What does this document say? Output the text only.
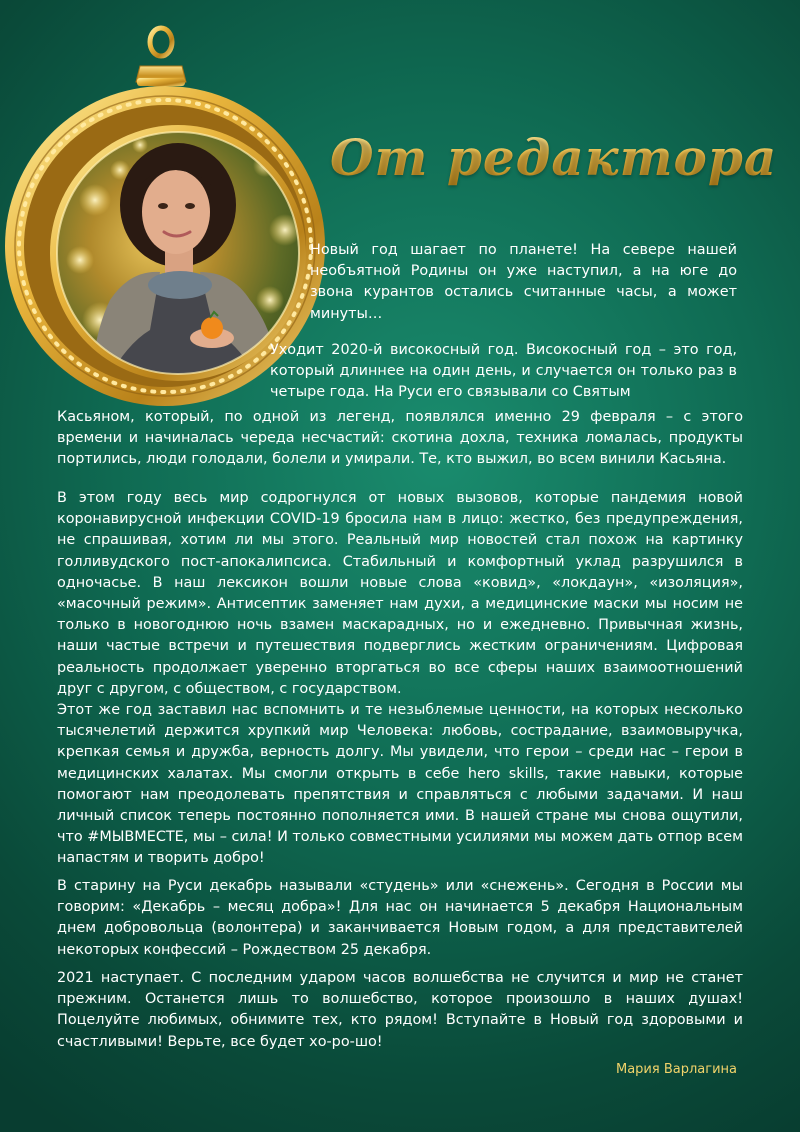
От редактора

Новый год шагает по планете! На севере нашей необъятной Родины он уже наступил, а на юге до звона курантов остались считанные часы, а может минуты…

Уходит 2020-й високосный год. Високосный год – это год, который длиннее на один день, и случается он только раз в четыре года. На Руси его связывали со Святым

Касьяном, который, по одной из легенд, появлялся именно 29 февраля – с этого времени и начиналась череда несчастий: скотина дохла, техника ломалась, продукты портились, люди голодали, болели и умирали. Те, кто выжил, во всем винили Касьяна.

В этом году весь мир содрогнулся от новых вызовов, которые пандемия новой коронавирусной инфекции COVID-19 бросила нам в лицо: жестко, без предупреждения, не спрашивая, хотим ли мы этого. Реальный мир новостей стал похож на картинку голливудского пост-апокалипсиса. Стабильный и комфортный уклад разрушился в одночасье. В наш лексикон вошли новые слова «ковид», «локдаун», «изоляция», «масочный режим». Антисептик заменяет нам духи, а медицинские маски мы носим не только в новогоднюю ночь взамен маскарадных, но и ежедневно. Привычная жизнь, наши частые встречи и путешествия подверглись жестким ограничениям. Цифровая реальность продолжает уверенно вторгаться во все сферы наших взаимоотношений друг с другом, с обществом, с государством.

Этот же год заставил нас вспомнить и те незыблемые ценности, на которых несколько тысячелетий держится хрупкий мир Человека: любовь, сострадание, взаимовыручка, крепкая семья и дружба, верность долгу. Мы увидели, что герои – среди нас – герои в медицинских халатах. Мы смогли открыть в себе hero skills, такие навыки, которые помогают нам преодолевать препятствия и справляться с любыми задачами. И наш личный список теперь постоянно пополняется ими. В нашей стране мы снова ощутили, что #МЫВМЕСТЕ, мы – сила! И только совместными усилиями мы можем дать отпор всем напастям и творить добро!

В старину на Руси декабрь называли «студень» или «снежень». Сегодня в России мы говорим: «Декабрь – месяц добра»! Для нас он начинается 5 декабря Национальным днем добровольца (волонтера) и заканчивается Новым годом, а для представителей некоторых конфессий – Рождеством 25 декабря.

2021 наступает. С последним ударом часов волшебства не случится и мир не станет прежним. Останется лишь то волшебство, которое произошло в наших душах! Поцелуйте любимых, обнимите тех, кто рядом! Вступайте в Новый год здоровыми и счастливыми! Верьте, все будет хо-ро-шо!

Мария Варлагина
